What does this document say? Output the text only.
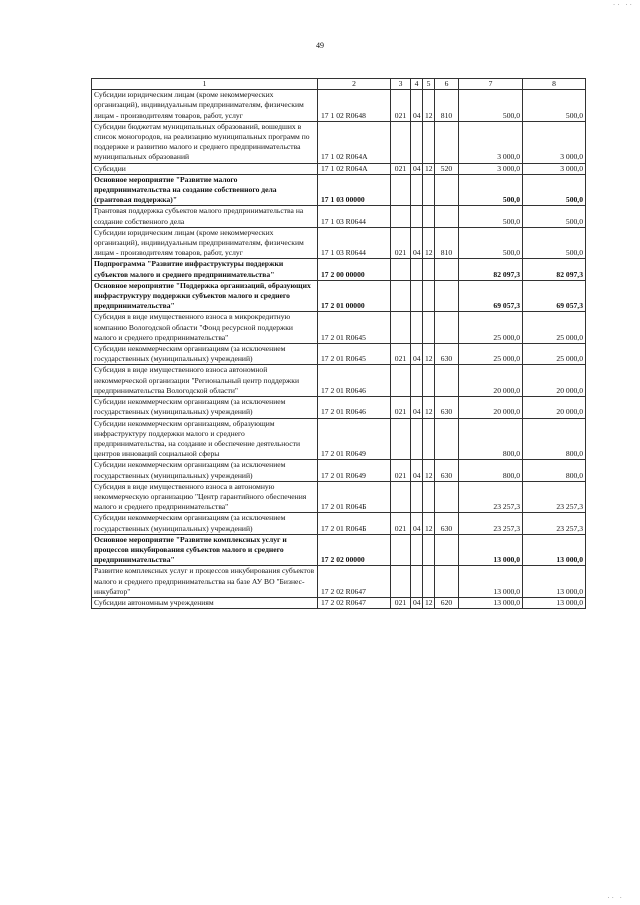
·· ··
49
1	2	3	4	5	6	7	8
Субсидии юридическим лицам (кроме некоммерческих организаций), индивидуальным предпринимателям, физическим лицам - производителям товаров, работ, услуг	17 1 02 R0648	021	04	12	810	500,0	500,0
Субсидии бюджетам муниципальных образований, вошедших в список моногородов, на реализацию муниципальных программ по поддержке и развитию малого и среднего предпринимательства муниципальных образований	17 1 02 R064A					3 000,0	3 000,0
Субсидии	17 1 02 R064A	021	04	12	520	3 000,0	3 000,0
Основное мероприятие "Развитие малого предпринимательства на создание собственного дела (грантовая поддержка)"	17 1 03 00000					500,0	500,0
Грантовая поддержка субъектов малого предпринимательства на создание собственного дела	17 1 03 R0644					500,0	500,0
Субсидии юридическим лицам (кроме некоммерческих организаций), индивидуальным предпринимателям, физическим лицам - производителям товаров, работ, услуг	17 1 03 R0644	021	04	12	810	500,0	500,0
Подпрограмма "Развитие инфраструктуры поддержки субъектов малого и среднего предпринимательства"	17 2 00 00000					82 097,3	82 097,3
Основное мероприятие "Поддержка организаций, образующих инфраструктуру поддержки субъектов малого и среднего предпринимательства"	17 2 01 00000					69 057,3	69 057,3
Субсидия в виде имущественного взноса в микрокредитную компанию Вологодской области "Фонд ресурсной поддержки малого и среднего предпринимательства"	17 2 01 R0645					25 000,0	25 000,0
Субсидии некоммерческим организациям (за исключением государственных (муниципальных) учреждений)	17 2 01 R0645	021	04	12	630	25 000,0	25 000,0
Субсидия в виде имущественного взноса автономной некоммерческой организации "Региональный центр поддержки предпринимательства Вологодской области"	17 2 01 R0646					20 000,0	20 000,0
Субсидии некоммерческим организациям (за исключением государственных (муниципальных) учреждений)	17 2 01 R0646	021	04	12	630	20 000,0	20 000,0
Субсидии некоммерческим организациям, образующим инфраструктуру поддержки малого и среднего предпринимательства, на создание и обеспечение деятельности центров инноваций социальной сферы	17 2 01 R0649					800,0	800,0
Субсидии некоммерческим организациям (за исключением государственных (муниципальных) учреждений)	17 2 01 R0649	021	04	12	630	800,0	800,0
Субсидия в виде имущественного взноса в автономную некоммерческую организацию "Центр гарантийного обеспечения малого и среднего предпринимательства"	17 2 01 R064Б					23 257,3	23 257,3
Субсидии некоммерческим организациям (за исключением государственных (муниципальных) учреждений)	17 2 01 R064Б	021	04	12	630	23 257,3	23 257,3
Основное мероприятие "Развитие комплексных услуг и процессов инкубирования субъектов малого и среднего предпринимательства"	17 2 02 00000					13 000,0	13 000,0
Развитие комплексных услуг и процессов инкубирования субъектов малого и среднего предпринимательства на базе АУ ВО "Бизнес-инкубатор"	17 2 02 R0647					13 000,0	13 000,0
Субсидии автономным учреждениям	17 2 02 R0647	021	04	12	620	13 000,0	13 000,0
·· ·
